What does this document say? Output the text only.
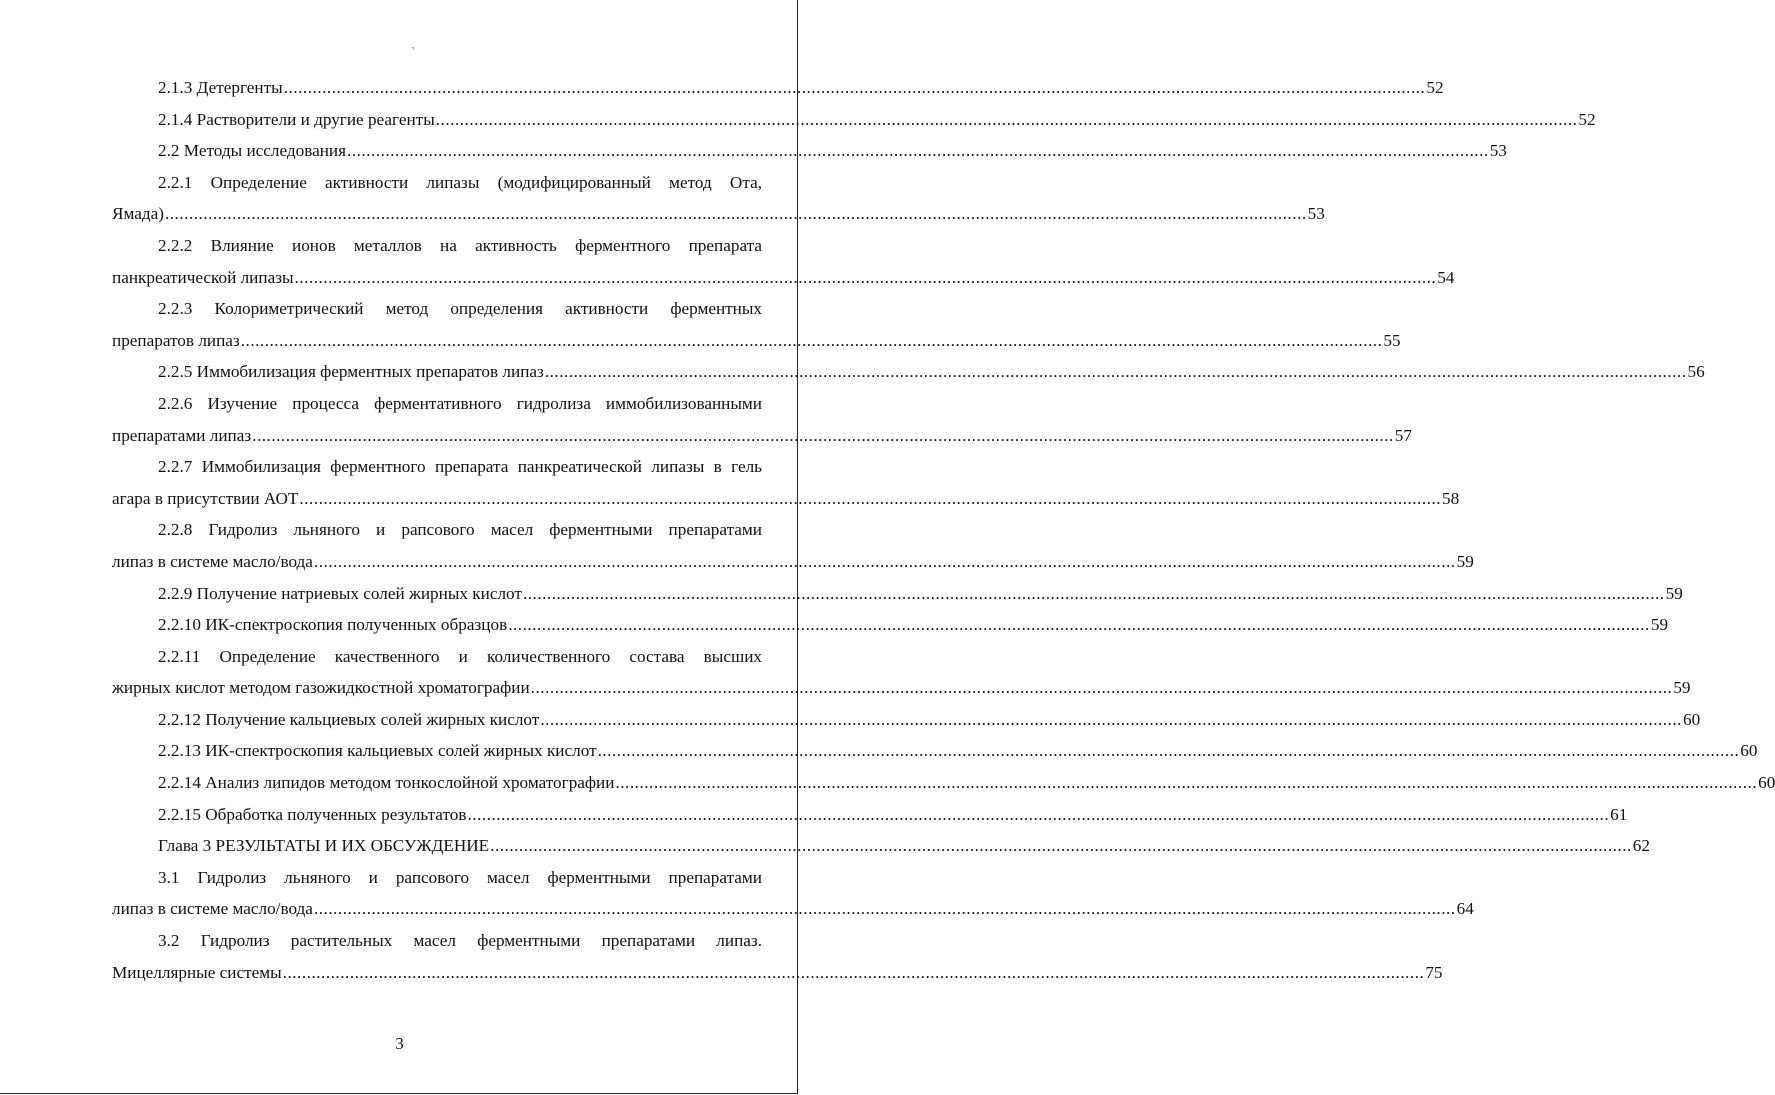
,
ˈ
2.1.3 Детергенты .....	52
2.1.4 Растворители и другие реагенты .....	52
2.2 Методы исследования .....	53
2.2.1 Определение активности липазы (модифицированный метод Ота,
Ямада) .....	53
2.2.2 Влияние ионов металлов на активность ферментного препарата
панкреатической липазы .....	54
2.2.3 Колориметрический метод определения активности ферментных
препаратов липаз .....	55
2.2.5 Иммобилизация ферментных препаратов липаз .....	56
2.2.6 Изучение процесса ферментативного гидролиза иммобилизованными
препаратами липаз .....	57
2.2.7 Иммобилизация ферментного препарата панкреатической липазы в гель
агара в присутствии АОТ .....	58
2.2.8 Гидролиз льняного и рапсового масел ферментными препаратами
липаз в системе масло/вода .....	59
2.2.9 Получение натриевых солей жирных кислот .....	59
2.2.10 ИК-спектроскопия полученных образцов .....	59
2.2.11 Определение качественного и количественного состава высших
жирных кислот методом газожидкостной хроматографии .....	59
2.2.12 Получение кальциевых солей жирных кислот .....	60
2.2.13 ИК-спектроскопия кальциевых солей жирных кислот .....	60
2.2.14 Анализ липидов методом тонкослойной хроматографии .....	60
2.2.15 Обработка полученных результатов .....	61
Глава 3 РЕЗУЛЬТАТЫ И ИХ ОБСУЖДЕНИЕ .....	62
3.1 Гидролиз льняного и рапсового масел ферментными препаратами
липаз в системе масло/вода .....	64
3.2 Гидролиз растительных масел ферментными препаратами липаз.
Мицеллярные системы .....	75
3
